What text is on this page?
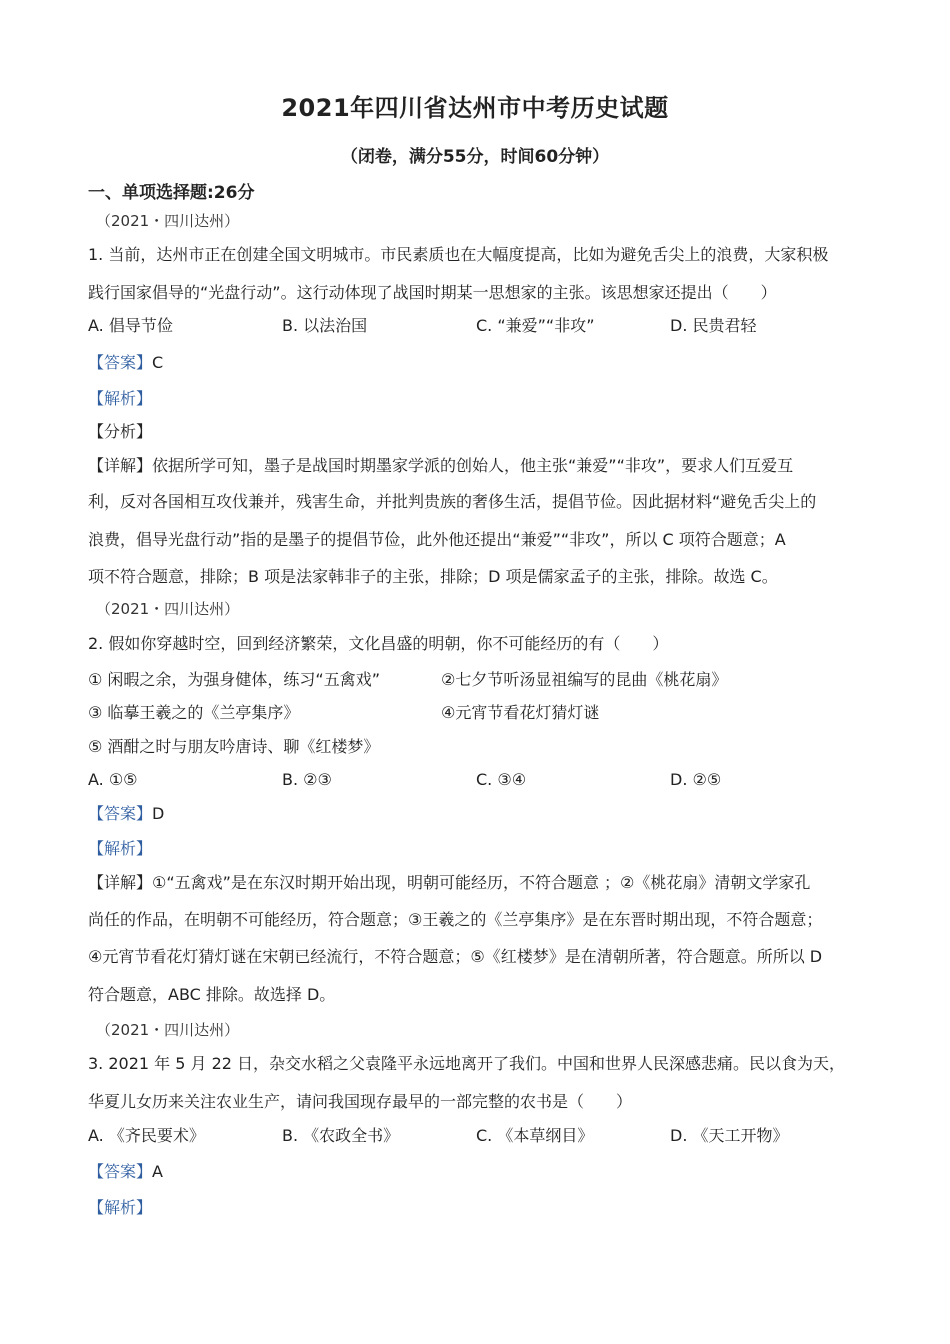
2021年四川省达州市中考历史试题
（闭卷，满分55分，时间60分钟）
一、单项选择题:26分
（2021・四川达州）
1. 当前，达州市正在创建全国文明城市。市民素质也在大幅度提高，比如为避免舌尖上的浪费，大家积极
践行国家倡导的“光盘行动”。这行动体现了战国时期某一思想家的主张。该思想家还提出（　　）
A. 倡导节俭	B. 以法治国	C. “兼爱”“非攻”	D. 民贵君轻
【答案】C
【解析】
【分析】
【详解】依据所学可知，墨子是战国时期墨家学派的创始人，他主张“兼爱”“非攻”，要求人们互爱互
利，反对各国相互攻伐兼并，残害生命，并批判贵族的奢侈生活，提倡节俭。因此据材料“避免舌尖上的
浪费，倡导光盘行动”指的是墨子的提倡节俭，此外他还提出“兼爱”“非攻”，所以 C 项符合题意；A
项不符合题意，排除；B 项是法家韩非子的主张，排除；D 项是儒家孟子的主张，排除。故选 C。
（2021・四川达州）
2. 假如你穿越时空，回到经济繁荣，文化昌盛的明朝，你不可能经历的有（　　）
① 闲暇之余，为强身健体，练习“五禽戏”	②七夕节听汤显祖编写的昆曲《桃花扇》
③ 临摹王羲之的《兰亭集序》	④元宵节看花灯猜灯谜
⑤ 酒酣之时与朋友吟唐诗、聊《红楼梦》
A. ①⑤	B. ②③	C. ③④	D. ②⑤
【答案】D
【解析】
【详解】①“五禽戏”是在东汉时期开始出现，明朝可能经历，不符合题意 ；②《桃花扇》清朝文学家孔
尚任的作品，在明朝不可能经历，符合题意；③王羲之的《兰亭集序》是在东晋时期出现，不符合题意；
④元宵节看花灯猜灯谜在宋朝已经流行，不符合题意；⑤《红楼梦》是在清朝所著，符合题意。所所以 D
符合题意，ABC 排除。故选择 D。
（2021・四川达州）
3. 2021 年 5 月 22 日，杂交水稻之父袁隆平永远地离开了我们。中国和世界人民深感悲痛。民以食为天，
华夏儿女历来关注农业生产，请问我国现存最早的一部完整的农书是（　　）
A. 《齐民要术》	B. 《农政全书》	C. 《本草纲目》	D. 《天工开物》
【答案】A
【解析】
